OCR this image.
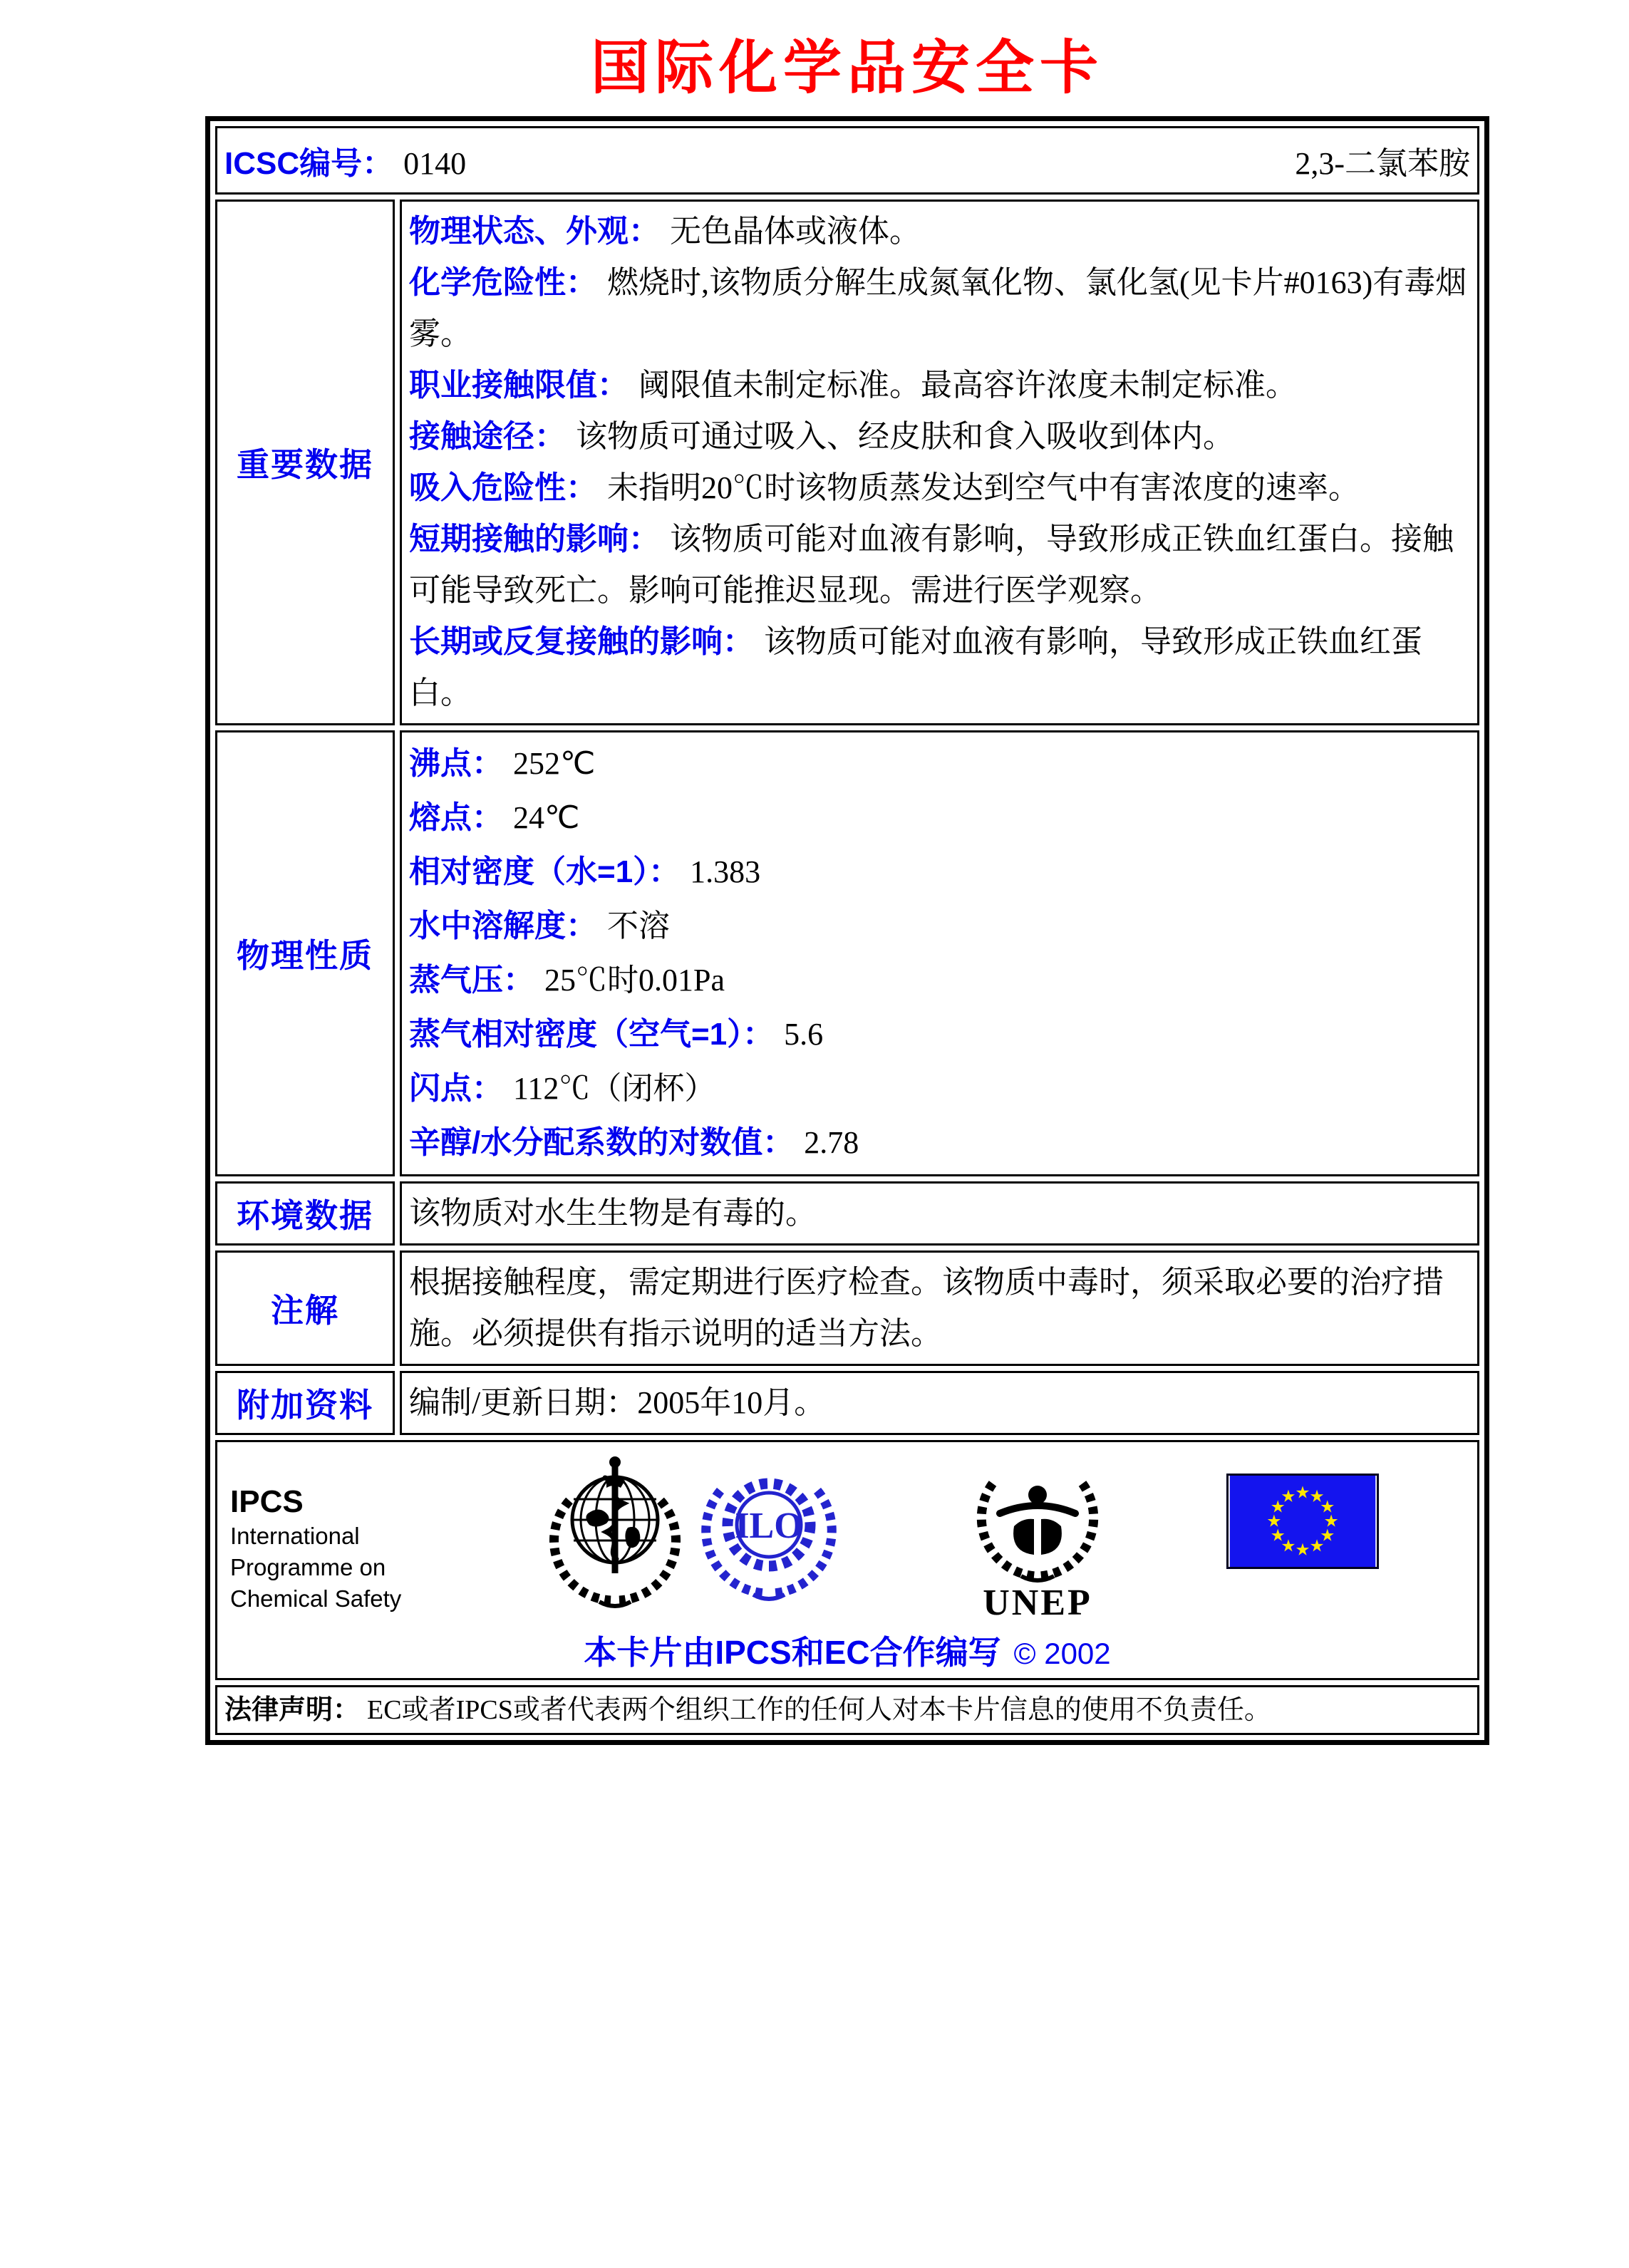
国际化学品安全卡
ICSC编号： 0140 2,3-二氯苯胺	

重要数据	

物理状态、外观： 无色晶体或液体。

化学危险性： 燃烧时,该物质分解生成氮氧化物、氯化氢(见卡片#0163)有毒烟雾。

职业接触限值： 阈限值未制定标准。最高容许浓度未制定标准。

接触途径： 该物质可通过吸入、经皮肤和食入吸收到体内。

吸入危险性： 未指明20℃时该物质蒸发达到空气中有害浓度的速率。

短期接触的影响： 该物质可能对血液有影响，导致形成正铁血红蛋白。接触可能导致死亡。影响可能推迟显现。需进行医学观察。

长期或反复接触的影响： 该物质可能对血液有影响，导致形成正铁血红蛋白。

物理性质	
沸点： 252℃
熔点： 24℃
相对密度（水=1）： 1.383
水中溶解度： 不溶
蒸气压： 25℃时0.01Pa
蒸气相对密度（空气=1）： 5.6
闪点： 112℃（闭杯）
辛醇/水分配系数的对数值： 2.78

环境数据	该物质对水生生物是有毒的。

注解	根据接触程度，需定期进行医疗检查。该物质中毒时，须采取必要的治疗措施。必须提供有指示说明的适当方法。

附加资料	编制/更新日期：2005年10月。

IPCS
International
Programme on
Chemical Safety
ILO
UNEP
本卡片由IPCS和EC合作编写 © 2002

法律声明： EC或者IPCS或者代表两个组织工作的任何人对本卡片信息的使用不负责任。	
